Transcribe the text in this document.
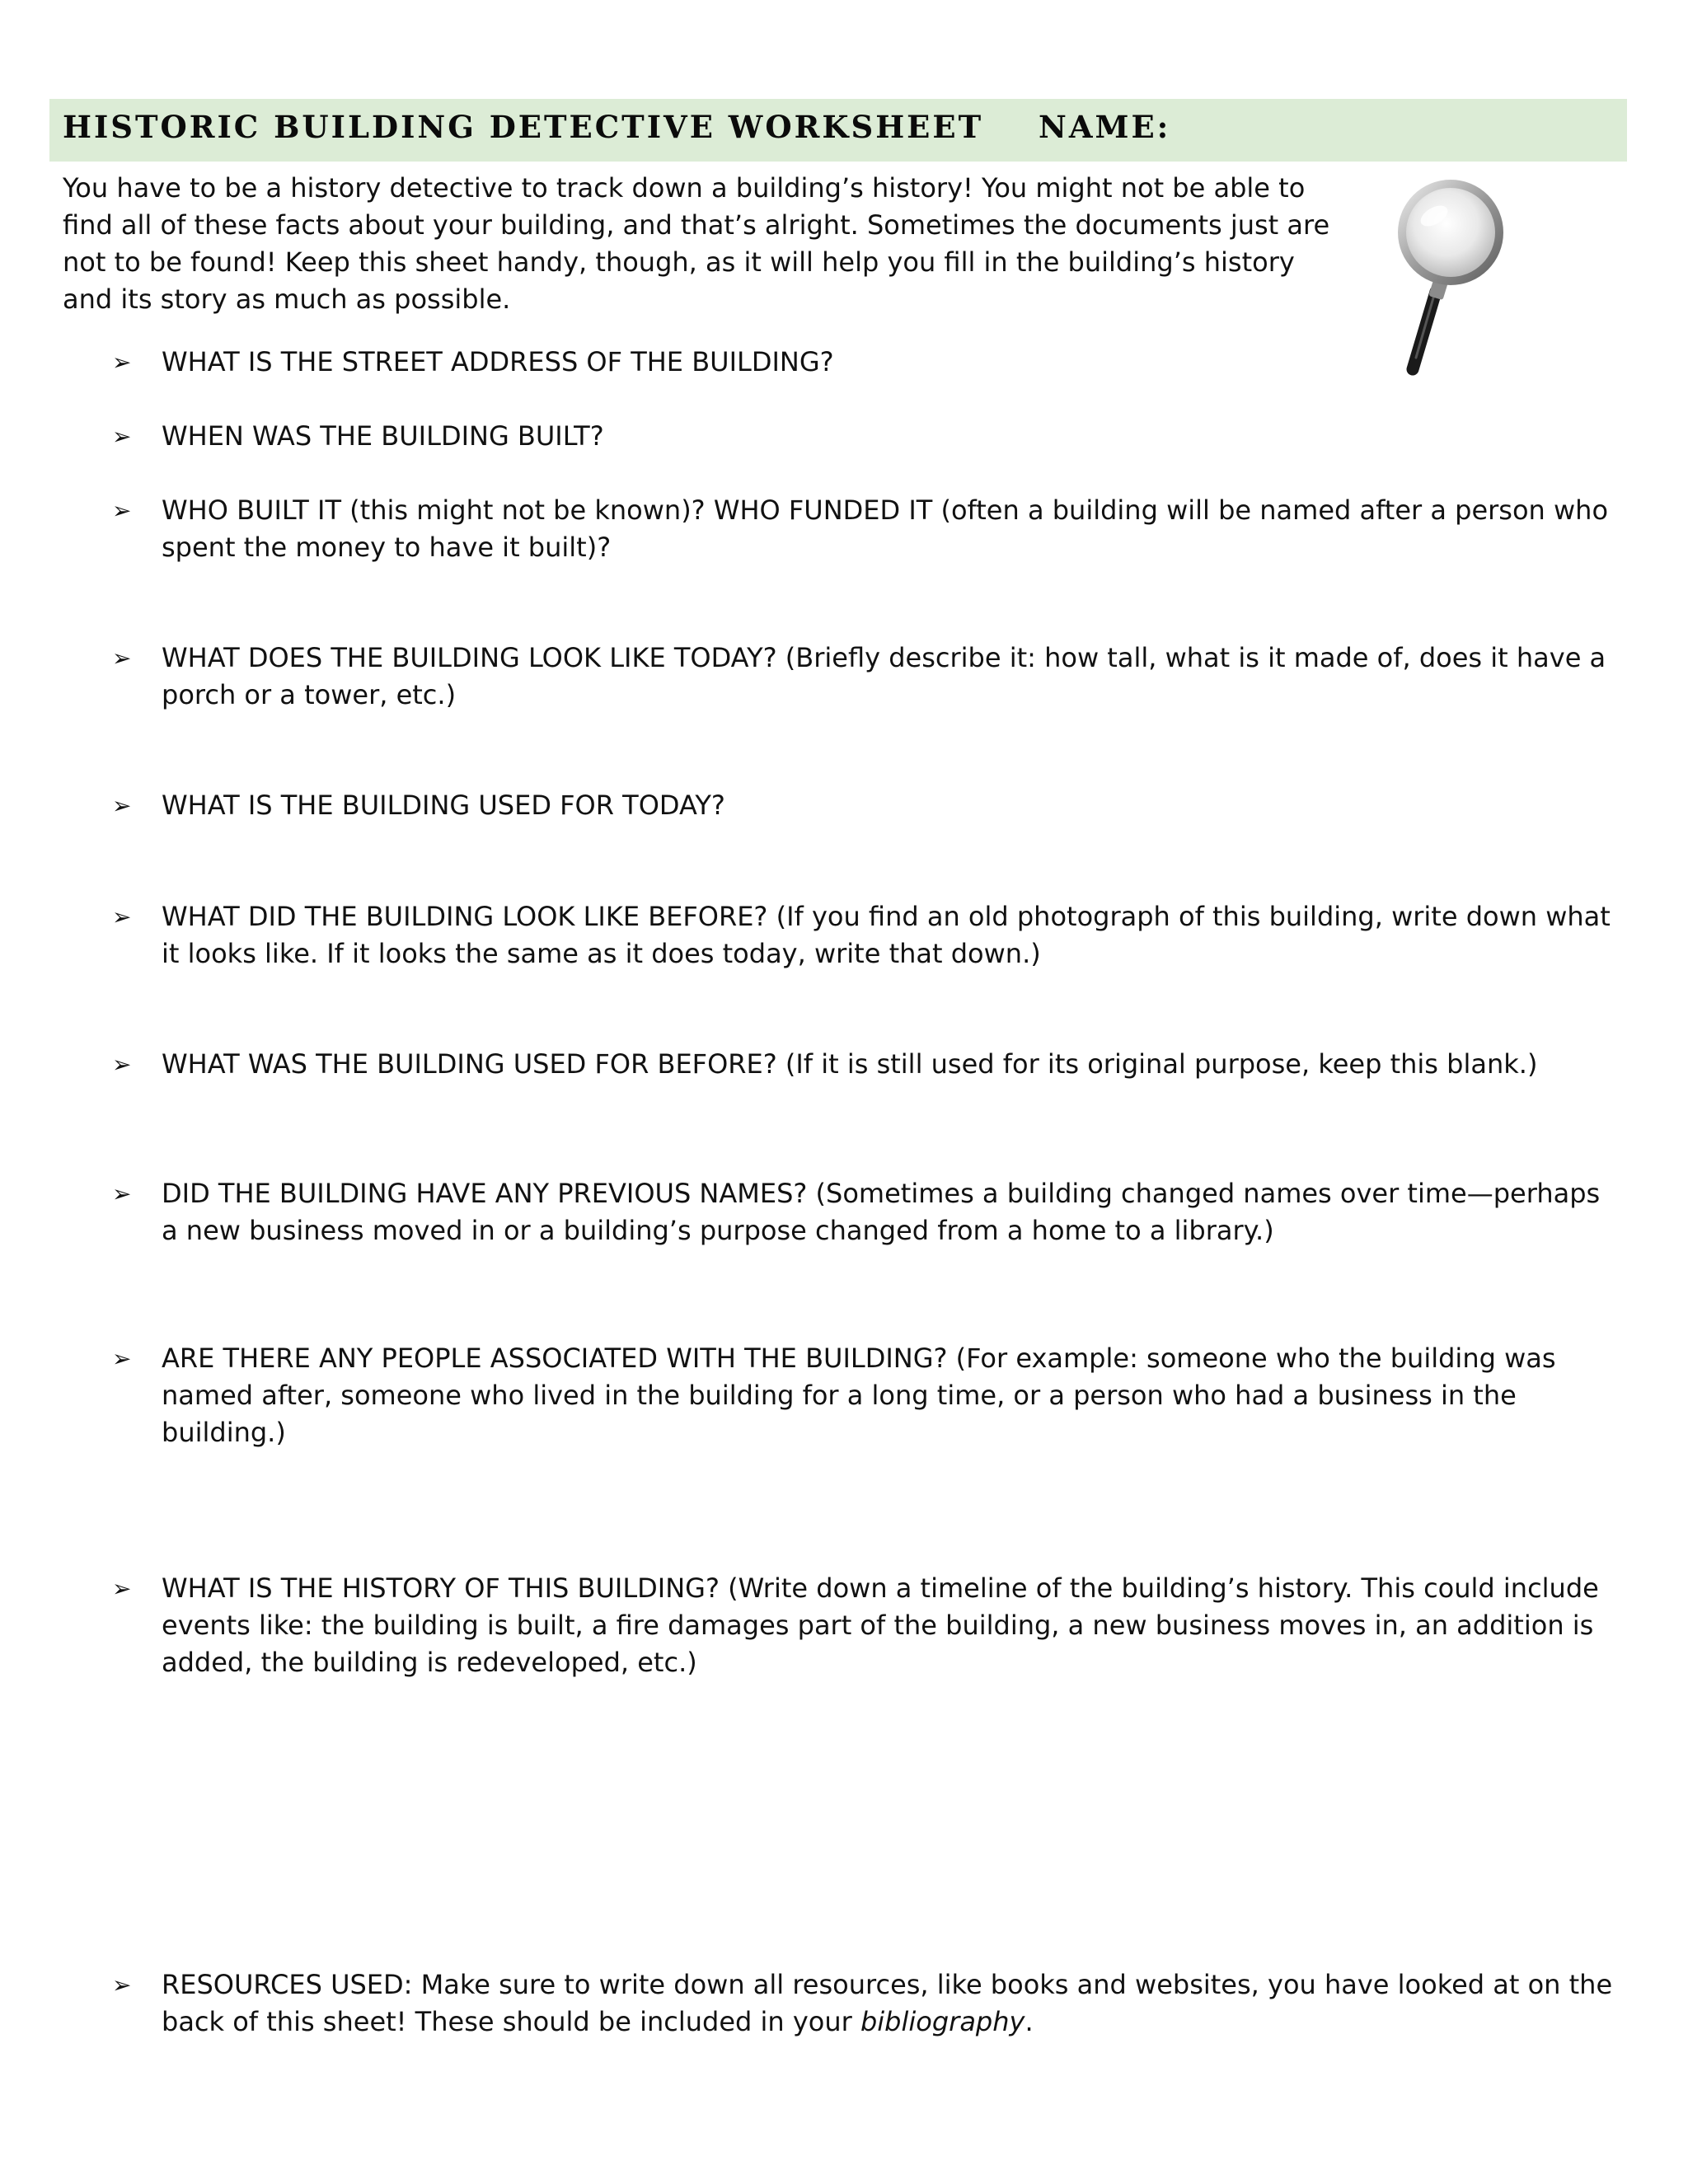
HISTORIC BUILDING DETECTIVE WORKSHEET NAME:

You have to be a history detective to track down a building’s history! You might not be able to find all of these facts about your building, and that’s alright. Sometimes the documents just are not to be found! Keep this sheet handy, though, as it will help you fill in the building’s history and its story as much as possible.

➢	WHAT IS THE STREET ADDRESS OF THE BUILDING?
➢	WHEN WAS THE BUILDING BUILT?
➢	WHO BUILT IT (this might not be known)? WHO FUNDED IT (often a building will be named after a person who spent the money to have it built)?
➢	WHAT DOES THE BUILDING LOOK LIKE TODAY? (Briefly describe it: how tall, what is it made of, does it have a porch or a tower, etc.)
➢	WHAT IS THE BUILDING USED FOR TODAY?
➢	WHAT DID THE BUILDING LOOK LIKE BEFORE? (If you find an old photograph of this building, write down what it looks like. If it looks the same as it does today, write that down.)
➢	WHAT WAS THE BUILDING USED FOR BEFORE? (If it is still used for its original purpose, keep this blank.)
➢	DID THE BUILDING HAVE ANY PREVIOUS NAMES? (Sometimes a building changed names over time—perhaps a new business moved in or a building’s purpose changed from a home to a library.)
➢	ARE THERE ANY PEOPLE ASSOCIATED WITH THE BUILDING? (For example: someone who the building was named after, someone who lived in the building for a long time, or a person who had a business in the building.)
➢	WHAT IS THE HISTORY OF THIS BUILDING? (Write down a timeline of the building’s history. This could include events like: the building is built, a fire damages part of the building, a new business moves in, an addition is added, the building is redeveloped, etc.)
➢	RESOURCES USED: Make sure to write down all resources, like books and websites, you have looked at on the back of this sheet! These should be included in your bibliography.
